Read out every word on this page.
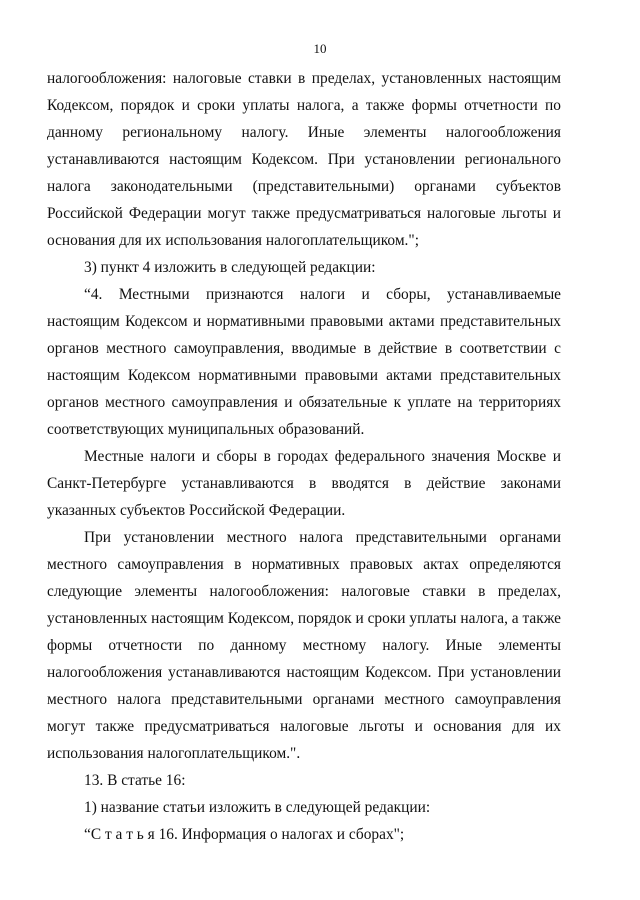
10

налогообложения: налоговые ставки в пределах, установленных настоящим Кодексом, порядок и сроки уплаты налога, а также формы отчетности по данному региональному налогу. Иные элементы налогообложения устанавливаются настоящим Кодексом. При установлении регионального налога законодательными (представительными) органами субъектов Российской Федерации могут также предусматриваться налоговые льготы и основания для их использования налогоплательщиком.";

3) пункт 4 изложить в следующей редакции:

“4. Местными признаются налоги и сборы, устанавливаемые настоящим Кодексом и нормативными правовыми актами представительных органов местного самоуправления, вводимые в действие в соответствии с настоящим Кодексом нормативными правовыми актами представительных органов местного самоуправления и обязательные к уплате на территориях соответствующих муниципальных образований.

Местные налоги и сборы в городах федерального значения Москве и Санкт-Петербурге устанавливаются в вводятся в действие законами указанных субъектов Российской Федерации.

При установлении местного налога представительными органами местного самоуправления в нормативных правовых актах определяются следующие элементы налогообложения: налоговые ставки в пределах, установленных настоящим Кодексом, порядок и сроки уплаты налога, а также формы отчетности по данному местному налогу. Иные элементы налогообложения устанавливаются настоящим Кодексом. При установлении местного налога представительными органами местного самоуправления могут также предусматриваться налоговые льготы и основания для их использования налогоплательщиком.".

13. В статье 16:

1) название статьи изложить в следующей редакции:

“С т а т ь я 16. Информация о налогах и сборах";
